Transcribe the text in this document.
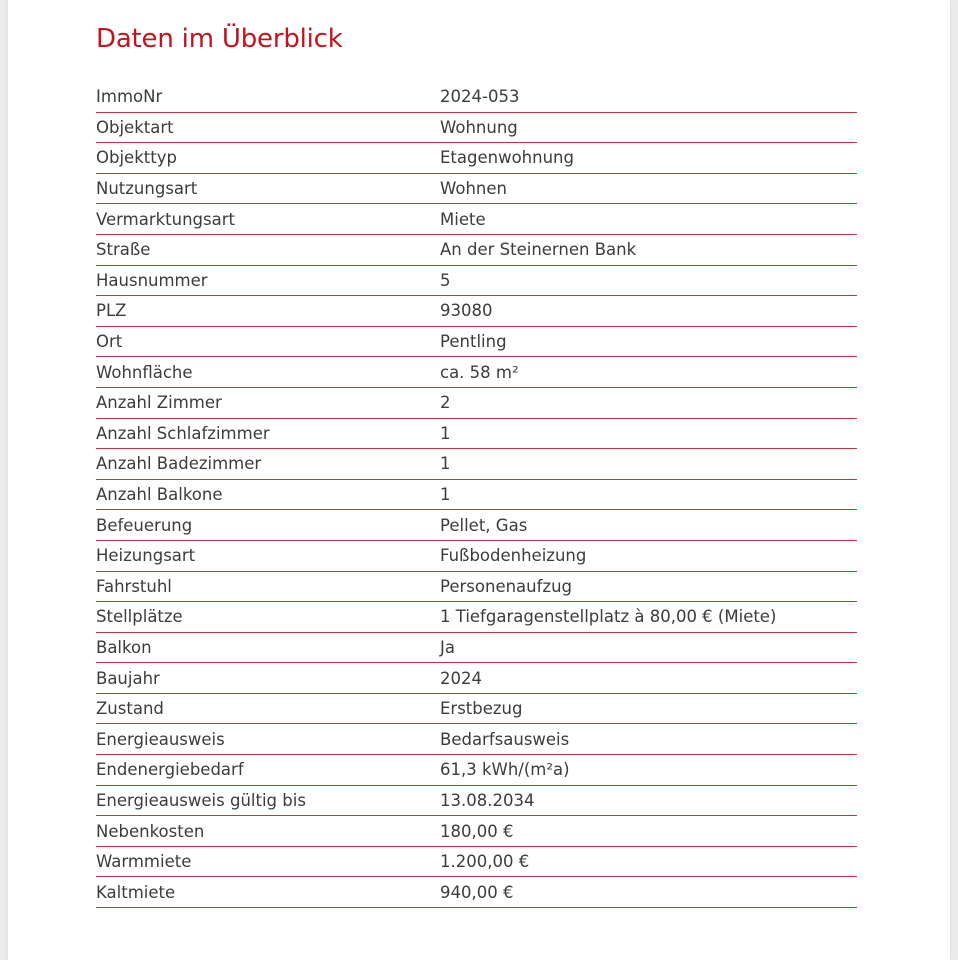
Daten im Überblick
ImmoNr	2024-053
Objektart	Wohnung
Objekttyp	Etagenwohnung
Nutzungsart	Wohnen
Vermarktungsart	Miete
Straße	An der Steinernen Bank
Hausnummer	5
PLZ	93080
Ort	Pentling
Wohnfläche	ca. 58 m²
Anzahl Zimmer	2
Anzahl Schlafzimmer	1
Anzahl Badezimmer	1
Anzahl Balkone	1
Befeuerung	Pellet, Gas
Heizungsart	Fußbodenheizung
Fahrstuhl	Personenaufzug
Stellplätze	1 Tiefgaragenstellplatz à 80,00 € (Miete)
Balkon	Ja
Baujahr	2024
Zustand	Erstbezug
Energieausweis	Bedarfsausweis
Endenergiebedarf	61,3 kWh/(m²a)
Energieausweis gültig bis	13.08.2034
Nebenkosten	180,00 €
Warmmiete	1.200,00 €
Kaltmiete	940,00 €
